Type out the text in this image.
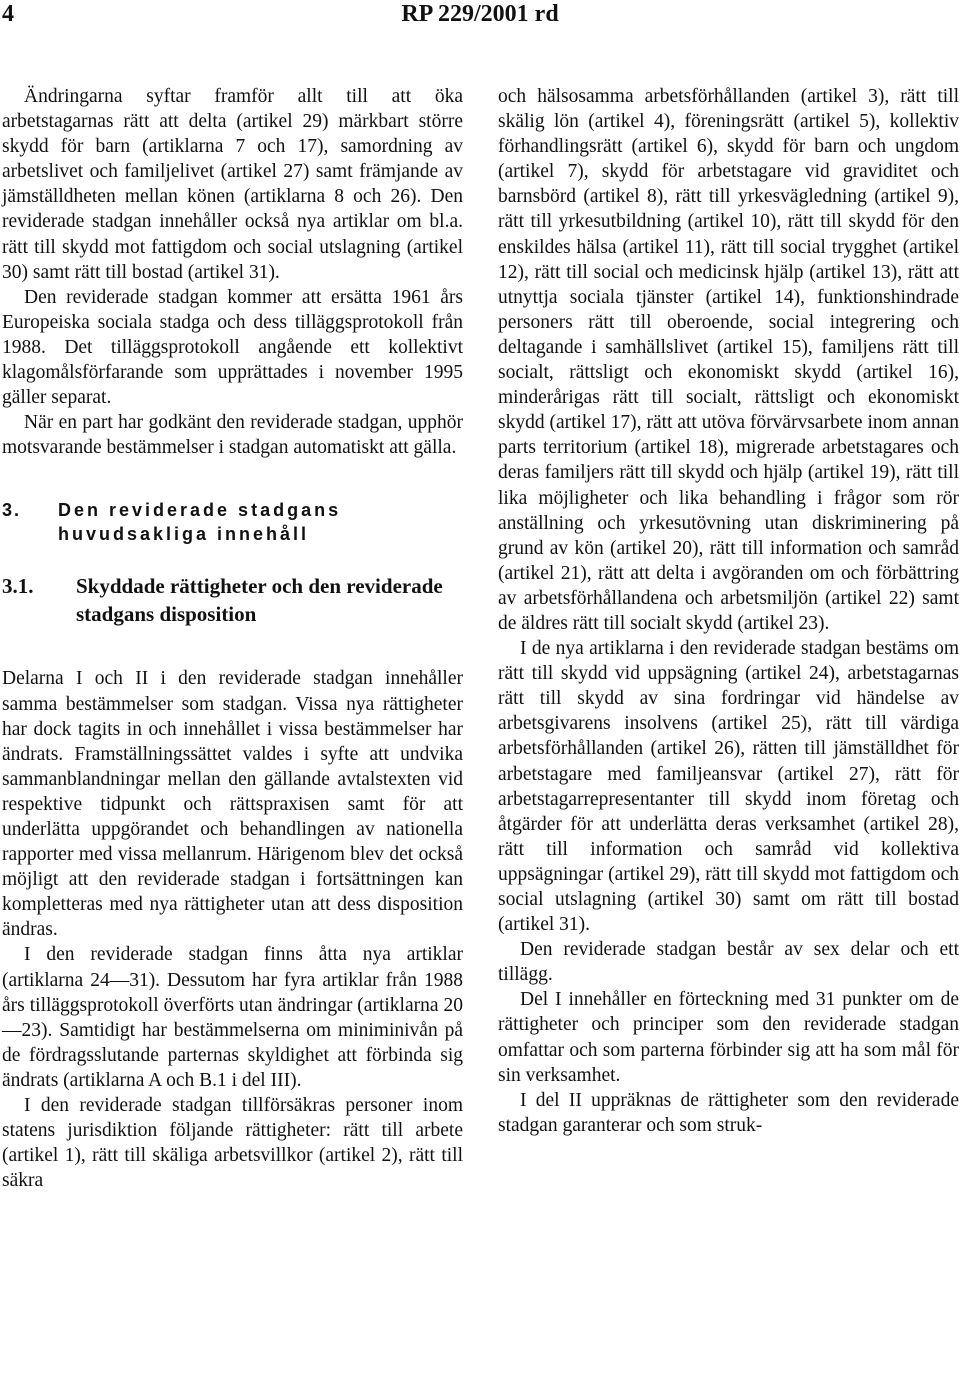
4	RP 229/2001 rd

Ändringarna syftar framför allt till att öka arbetstagarnas rätt att delta (artikel 29) märkbart större skydd för barn (artiklarna 7 och 17), samordning av arbetslivet och familjelivet (artikel 27) samt främjande av jämställdheten mellan könen (artiklarna 8 och 26). Den reviderade stadgan innehåller också nya artiklar om bl.a. rätt till skydd mot fattigdom och social utslagning (artikel 30) samt rätt till bostad (artikel 31).

Den reviderade stadgan kommer att ersätta 1961 års Europeiska sociala stadga och dess tilläggsprotokoll från 1988. Det tilläggsprotokoll angående ett kollektivt klagomålsförfarande som upprättades i november 1995 gäller separat.

När en part har godkänt den reviderade stadgan, upphör motsvarande bestämmelser i stadgan automatiskt att gälla.

3.	Den reviderade stadgans huvudsakliga innehåll
3.1.	Skyddade rättigheter och den reviderade stadgans disposition

Delarna I och II i den reviderade stadgan innehåller samma bestämmelser som stadgan. Vissa nya rättigheter har dock tagits in och innehållet i vissa bestämmelser har ändrats. Framställningssättet valdes i syfte att undvika sammanblandningar mellan den gällande avtalstexten vid respektive tidpunkt och rättspraxisen samt för att underlätta uppgörandet och behandlingen av nationella rapporter med vissa mellanrum. Härigenom blev det också möjligt att den reviderade stadgan i fortsättningen kan kompletteras med nya rättigheter utan att dess disposition ändras.

I den reviderade stadgan finns åtta nya artiklar (artiklarna 24—31). Dessutom har fyra artiklar från 1988 års tilläggsprotokoll överförts utan ändringar (artiklarna 20—23). Samtidigt har bestämmelserna om miniminivån på de fördragsslutande parternas skyldighet att förbinda sig ändrats (artiklarna A och B.1 i del III).

I den reviderade stadgan tillförsäkras personer inom statens jurisdiktion följande rättigheter: rätt till arbete (artikel 1), rätt till skäliga arbetsvillkor (artikel 2), rätt till säkra

och hälsosamma arbetsförhållanden (artikel 3), rätt till skälig lön (artikel 4), föreningsrätt (artikel 5), kollektiv förhandlingsrätt (artikel 6), skydd för barn och ungdom (artikel 7), skydd för arbetstagare vid graviditet och barnsbörd (artikel 8), rätt till yrkesvägledning (artikel 9), rätt till yrkesutbildning (artikel 10), rätt till skydd för den enskildes hälsa (artikel 11), rätt till social trygghet (artikel 12), rätt till social och medicinsk hjälp (artikel 13), rätt att utnyttja sociala tjänster (artikel 14), funktionshindrade personers rätt till oberoende, social integrering och deltagande i samhällslivet (artikel 15), familjens rätt till socialt, rättsligt och ekonomiskt skydd (artikel 16), minderårigas rätt till socialt, rättsligt och ekonomiskt skydd (artikel 17), rätt att utöva förvärvsarbete inom annan parts territorium (artikel 18), migrerade arbetstagares och deras familjers rätt till skydd och hjälp (artikel 19), rätt till lika möjligheter och lika behandling i frågor som rör anställning och yrkesutövning utan diskriminering på grund av kön (artikel 20), rätt till information och samråd (artikel 21), rätt att delta i avgöranden om och förbättring av arbetsförhållandena och arbetsmiljön (artikel 22) samt de äldres rätt till socialt skydd (artikel 23).

I de nya artiklarna i den reviderade stadgan bestäms om rätt till skydd vid uppsägning (artikel 24), arbetstagarnas rätt till skydd av sina fordringar vid händelse av arbetsgivarens insolvens (artikel 25), rätt till värdiga arbetsförhållanden (artikel 26), rätten till jämställdhet för arbetstagare med familjeansvar (artikel 27), rätt för arbetstagarrepresentanter till skydd inom företag och åtgärder för att underlätta deras verksamhet (artikel 28), rätt till information och samråd vid kollektiva uppsägningar (artikel 29), rätt till skydd mot fattigdom och social utslagning (artikel 30) samt om rätt till bostad (artikel 31).

Den reviderade stadgan består av sex delar och ett tillägg.

Del I innehåller en förteckning med 31 punkter om de rättigheter och principer som den reviderade stadgan omfattar och som parterna förbinder sig att ha som mål för sin verksamhet.

I del II uppräknas de rättigheter som den reviderade stadgan garanterar och som struk-
